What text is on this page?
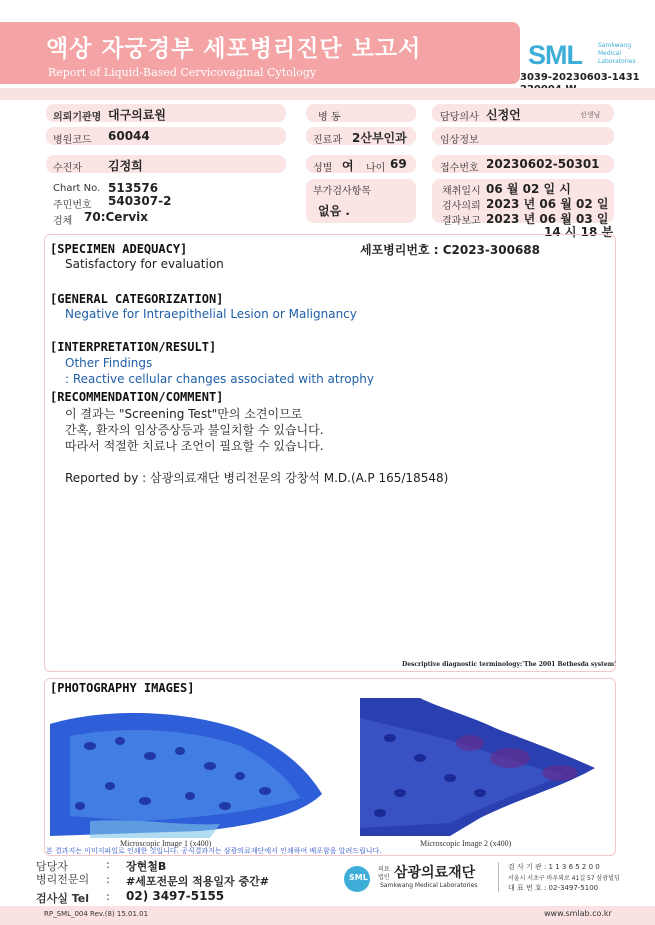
액상 자궁경부 세포병리진단 보고서
Report of Liquid-Based Cervicovaginal Cytology
SML	Samkwang Medical Laboratories
3039-20230603-1431
의뢰기관명 대구의료원	병 동	담당의사 신정언	선생님
병원코드 60044	진료과 2산부인과	임상정보
수진자 김정희	성별 여 나이 69	접수번호 20230602-50301
Chart No. 513576
주민번호 540307-2
검체 70:Cervix
부가검사항목
없음 .
채취일시 06 월 02 일 시
검사의뢰 2023 년 06 월 02 일
결과보고 2023 년 06 월 03 일
14 시 18 분
[SPECIMEN ADEQUACY]	세포병리번호 : C2023-300688
Satisfactory for evaluation
[GENERAL CATEGORIZATION]
Negative for Intraepithelial Lesion or Malignancy
[INTERPRETATION/RESULT]
Other Findings
: Reactive cellular changes associated with atrophy
[RECOMMENDATION/COMMENT]
이 결과는 "Screening Test"만의 소견이므로
간혹, 환자의 임상증상등과 불일치할 수 있습니다.
따라서 적절한 치료나 조언이 필요할 수 있습니다.
Reported by : 삼광의료재단 병리전문의 강창석 M.D.(A.P 165/18548)
Descriptive diagnostic terminology:'The 2001 Bethesda system'
[PHOTOGRAPHY IMAGES]
Microscopic Image 1 (x400)	Microscopic Image 2 (x400)
본 결과지는 이미지파일로 인쇄한 것입니다. 공식결과지는 삼광의료재단에서 인쇄하여 배포함을 알려드립니다.
담당자	: 장현철B
병리전문의 : #세포전문의 적용일자 중간#
검사실 Tel : 02) 3497-5155
SML
의료법인 삼광의료재단
Samkwang Medical Laboratories
검 사 기 관 : 1 1 3 6 5 2 0 0
서울시 서초구 바우뫼로 41길 57 삼광빌딩
대 표 번 호 : 02-3497-5100
RP_SML_004 Rev.(8) 15.01.01	www.smlab.co.kr
